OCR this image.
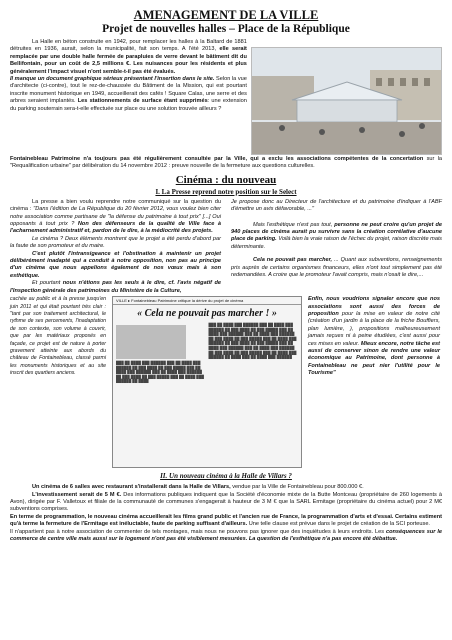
AMENAGEMENT DE LA VILLE
Projet de nouvelles halles – Place de la République

La Halle en béton construite en 1942, pour remplacer les halles à la Baltard de 1881 détruites en 1936, aurait, selon la municipalité, fait son temps. A l'été 2013, elle serait remplacée par une double halle fermée de parapluies de verre devant le bâtiment dit du Bellifontain, pour un coût de 2,5 millions €. Les nuisances pour les résidents et plus généralement l'impact visuel n'ont semble-t-il pas été évalués.

Il manque un document graphique sérieux présentant l'insertion dans le site. Selon la vue d'architecte (ci-contre), tout le rez-de-chaussée du Bâtiment de la Mission, qui est pourtant inscrite monument historique en 1949, accueillerait des cafés ! Square Calas, une serre et des arbres seraient implantés. Les stationnements de surface étant supprimés: une extension du parking souterrain sera-t-elle effectuée sur place ou une solution trouvée ailleurs ?

Fontainebleau Patrimoine n'a toujours pas été régulièrement consultée par la Ville, qui a exclu les associations compétentes de la concertation sur la "Requalification urbaine" par délibération du 14 novembre 2012 : preuve nouvelle de la fermeture aux questions culturelles.

Cinéma : du nouveau
I. La Presse reprend notre position sur le Select

La presse a bien voulu reprendre notre communiqué sur la question du cinéma : "Dans l'édition de La République du 20 février 2012, vous voulez bien citer notre association comme partisane de "la défense du patrimoine à tout prix" [...] Oui opposants à tout prix ? Non des défenseurs de la qualité de Ville face à l'acharnement administratif et, pardon de le dire, à la médiocrité des projets.

Le cinéma ? Deux éléments montrent que le projet a été perdu d'abord par la faute de son promoteur et du maire.

C'est plutôt l'intransigeance et l'obstination à maintenir un projet délibérément inadapté qui a conduit à notre opposition, non pas au principe d'un cinéma que nous appelions également de nos vœux mais à son esthétique.

Et pourtant nous n'étions pas les seuls à le dire, cf. l'avis négatif de l'Inspection générale des patrimoines du Ministère de la Culture,

Je propose donc au Directeur de l'architecture et du patrimoine d'indiquer à l'ABF d'émettre un avis défavorable, ..."

Mais l'esthétique n'est pas tout, personne ne peut croire qu'un projet de 940 places de cinéma aurait pu survivre sans la création corrélative d'aucune place de parking. Voilà bien la vraie raison de l'échec du projet, raison discrète mais déterminante.

Cela ne pouvait pas marcher, ... Quant aux subventions, renseignements pris auprès de certains organismes financeurs, elles n'ont tout simplement pas été redemandées. A croire que le promoteur l'avait compris, mais n'osait le dire,...

cachée au public et à la presse jusqu'en juin 2011 et qui était pourtant très clair : "tant par son traitement architectural, le rythme de ses percements, l'inadaptation de son contexte, son volume à couvrir, que par les matériaux proposés en façade, ce projet est de nature à porter gravement atteinte aux abords du château de Fontainebleau, classé parmi les monuments historiques et au site inscrit des quartiers anciens.

VILLE ▸ Fontainebleau Patrimoine critique la dérive du projet de cinéma
« Cela ne pouvait pas marcher ! »
███ ██ ████ ███ ██████ ███ ██ ████ ███ ██████ ██ ███ ████ ██ ███ █████ ███ ██ ████ ███ ██████ ███ ██ ████ ███ ██████ ██ ███ ████ ██ ███ █████ ███ ██ ████ ███ ██████ ██ ████
███ ██ ████ ███ ██████ ███ ██ ████ ███ ██████ ██ ███ ████ ██ ███ █████ ███ ██ ████ ███ ██████ ███ ██ ████ ███ ██████ ██ ███ ████ ██ ███ █████ ███ ██ ████ ███ ██████ ██ ███ ████ ██ ███ █████ ███ ██ ████ ███ ██████ ███ ██ ████ ███ ██████ ██ ███ ████ ██ ███ █████ ███ ██ ████ ███ ██████ ██ ████ ███ ██ ████ ███ ██████

Enfin, nous voudrions signaler encore que nos associations sont aussi des forces de proposition pour la mise en valeur de notre cité (création d'un jardin à la place de la friche Bouffiers, plan lumière, ), propositions malheureusement jamais reçues ni à peine étudiées, c'est aussi pour ces mises en valeur. Mieux encore, notre tâche est aussi de conserver sinon de rendre une valeur économique au Patrimoine, dont personne à Fontainebleau ne peut nier l'utilité pour le Tourisme"

II. Un nouveau cinéma à la Halle de Villars ?

Un cinéma de 6 salles avec restaurant s'installerait dans la Halle de Villars, vendue par la Ville de Fontainebleau pour 800.000 €.

L'investissement serait de 5 M €. Des informations publiques indiquent que la Société d'économie mixte de la Butte Montceau (propriétaire de 260 logements à Avon), dirigée par F. Valletoux et filiale de la communauté de communes s'engagerait à hauteur de 3 M € que la SARL Ermitage (propriétaire du cinéma actuel) pour 2 M€ subventions comprises.

En terme de programmation, le nouveau cinéma accueillerait les films grand public et l'ancien rue de France, la programmation d'arts et d'essai. Certains estiment qu'à terme la fermeture de l'Ermitage est inéluctable, faute de parking suffisant d'ailleurs. Une telle clause est prévue dans le projet de création de la SCI porteuse.

Il n'appartient pas à notre association de commenter de tels montages, mais nous ne pouvons pas ignorer que des inquiétudes à leurs endroits. Les conséquences sur le commerce de centre ville mais aussi sur le logement n'ont pas été visiblement mesurées. La question de l'esthétique n'a pas encore été débattue.
